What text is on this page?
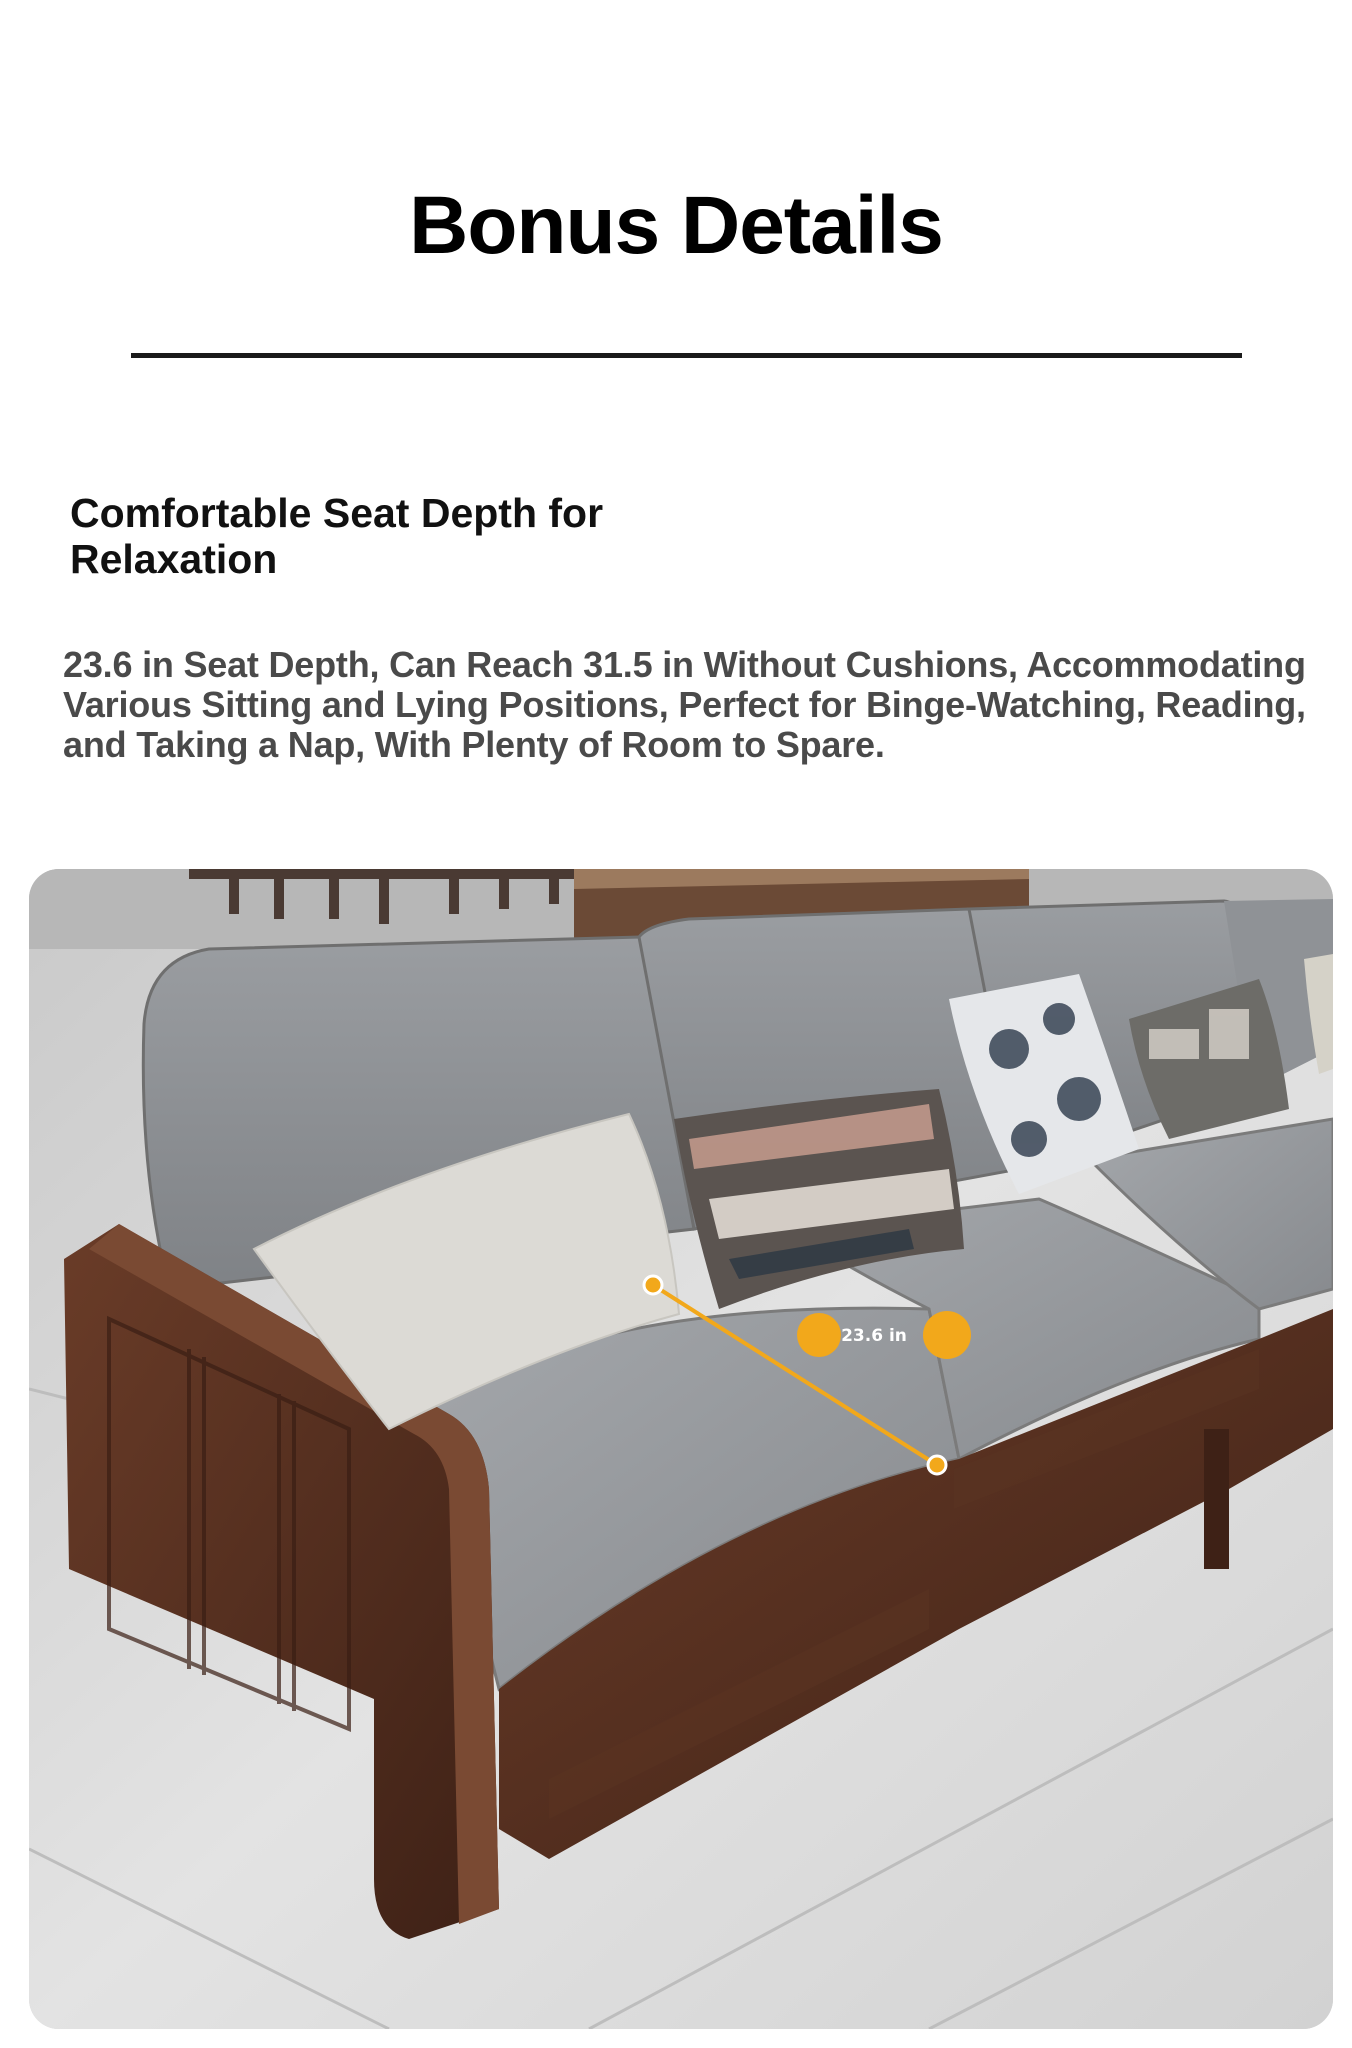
Bonus Details
Comfortable Seat Depth for Relaxation
23.6 in Seat Depth, Can Reach 31.5 in Without Cushions, Accommodating Various Sitting and Lying Positions, Perfect for Binge-Watching, Reading, and Taking a Nap, With Plenty of Room to Spare.
23.6 in
